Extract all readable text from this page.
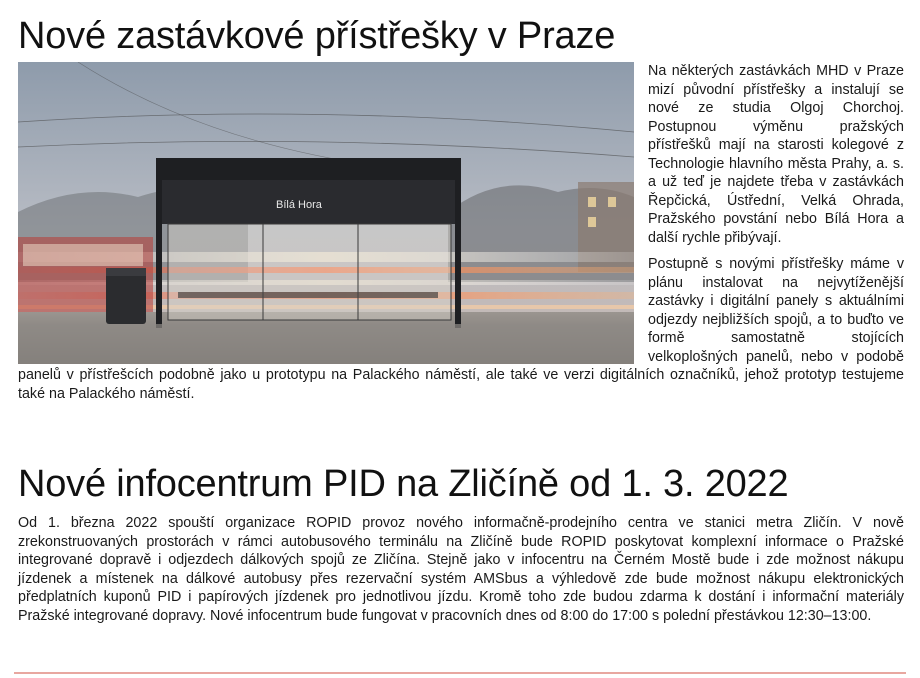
Nové zastávkové přístřešky v Praze
Bílá Hora

Na některých zastávkách MHD v Praze mizí původní přístřešky a instalují se nové ze studia Olgoj Chorchoj. Postupnou výměnu pražských přístřešků mají na starosti kolegové z Technologie hlavního města Prahy, a. s. a už teď je najdete třeba v zastávkách Řepčická, Ústřední, Velká Ohrada, Pražského povstání nebo Bílá Hora a další rychle přibývají.

Postupně s novými přístřešky máme v plánu instalovat na nejvytíženější zastávky i digitální panely s aktuálními odjezdy nejbližších spojů, a to buďto ve formě samostatně stojících velkoplošných panelů, nebo v podobě panelů v přístřešcích podobně jako u prototypu na Palackého náměstí, ale také ve verzi digitálních označníků, jehož prototyp testujeme také na Palackého náměstí.

Nové infocentrum PID na Zličíně od 1. 3. 2022

Od 1. března 2022 spouští organizace ROPID provoz nového informačně-prodejního centra ve stanici metra Zličín. V nově zrekonstruovaných prostorách v rámci autobusového terminálu na Zličíně bude ROPID poskytovat komplexní informace o Pražské integrované dopravě i odjezdech dálkových spojů ze Zličína. Stejně jako v infocentru na Černém Mostě bude i zde možnost nákupu jízdenek a místenek na dálkové autobusy přes rezervační systém AMSbus a výhledově zde bude možnost nákupu elektronických předplatních kuponů PID i papírových jízdenek pro jednotlivou jízdu. Kromě toho zde budou zdarma k dostání i informační materiály Pražské integrované dopravy. Nové infocentrum bude fungovat v pracovních dnes od 8:00 do 17:00 s polední přestávkou 12:30–13:00.
